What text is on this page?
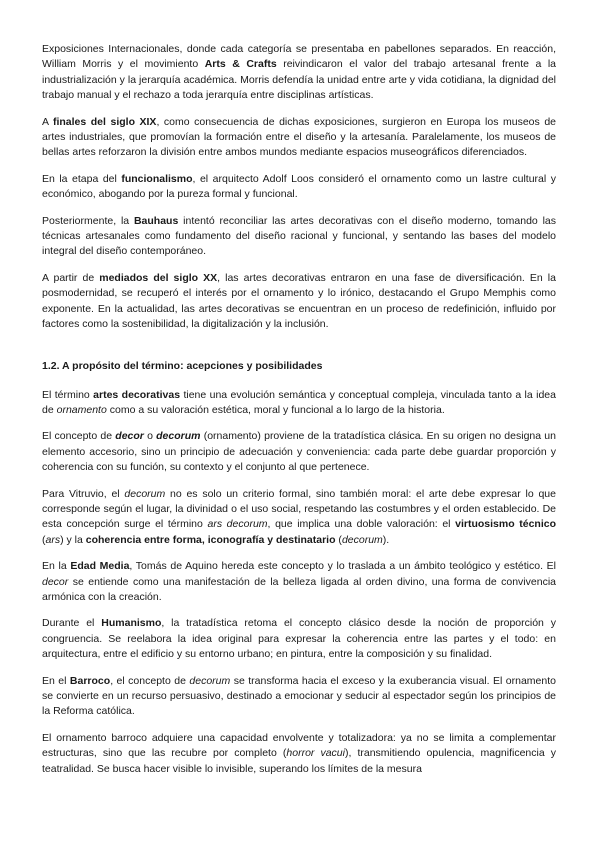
Exposiciones Internacionales, donde cada categoría se presentaba en pabellones separados. En reacción, William Morris y el movimiento Arts & Crafts reivindicaron el valor del trabajo artesanal frente a la industrialización y la jerarquía académica. Morris defendía la unidad entre arte y vida cotidiana, la dignidad del trabajo manual y el rechazo a toda jerarquía entre disciplinas artísticas.

A finales del siglo XIX, como consecuencia de dichas exposiciones, surgieron en Europa los museos de artes industriales, que promovían la formación entre el diseño y la artesanía. Paralelamente, los museos de bellas artes reforzaron la división entre ambos mundos mediante espacios museográficos diferenciados.

En la etapa del funcionalismo, el arquitecto Adolf Loos consideró el ornamento como un lastre cultural y económico, abogando por la pureza formal y funcional.

Posteriormente, la Bauhaus intentó reconciliar las artes decorativas con el diseño moderno, tomando las técnicas artesanales como fundamento del diseño racional y funcional, y sentando las bases del modelo integral del diseño contemporáneo.

A partir de mediados del siglo XX, las artes decorativas entraron en una fase de diversificación. En la posmodernidad, se recuperó el interés por el ornamento y lo irónico, destacando el Grupo Memphis como exponente. En la actualidad, las artes decorativas se encuentran en un proceso de redefinición, influido por factores como la sostenibilidad, la digitalización y la inclusión.

1.2. A propósito del término: acepciones y posibilidades

El término artes decorativas tiene una evolución semántica y conceptual compleja, vinculada tanto a la idea de ornamento como a su valoración estética, moral y funcional a lo largo de la historia.

El concepto de decor o decorum (ornamento) proviene de la tratadística clásica. En su origen no designa un elemento accesorio, sino un principio de adecuación y conveniencia: cada parte debe guardar proporción y coherencia con su función, su contexto y el conjunto al que pertenece.

Para Vitruvio, el decorum no es solo un criterio formal, sino también moral: el arte debe expresar lo que corresponde según el lugar, la divinidad o el uso social, respetando las costumbres y el orden establecido. De esta concepción surge el término ars decorum, que implica una doble valoración: el virtuosismo técnico (ars) y la coherencia entre forma, iconografía y destinatario (decorum).

En la Edad Media, Tomás de Aquino hereda este concepto y lo traslada a un ámbito teológico y estético. El decor se entiende como una manifestación de la belleza ligada al orden divino, una forma de convivencia armónica con la creación.

Durante el Humanismo, la tratadística retoma el concepto clásico desde la noción de proporción y congruencia. Se reelabora la idea original para expresar la coherencia entre las partes y el todo: en arquitectura, entre el edificio y su entorno urbano; en pintura, entre la composición y su finalidad.

En el Barroco, el concepto de decorum se transforma hacia el exceso y la exuberancia visual. El ornamento se convierte en un recurso persuasivo, destinado a emocionar y seducir al espectador según los principios de la Reforma católica.

El ornamento barroco adquiere una capacidad envolvente y totalizadora: ya no se limita a complementar estructuras, sino que las recubre por completo (horror vacui), transmitiendo opulencia, magnificencia y teatralidad. Se busca hacer visible lo invisible, superando los límites de la mesura
